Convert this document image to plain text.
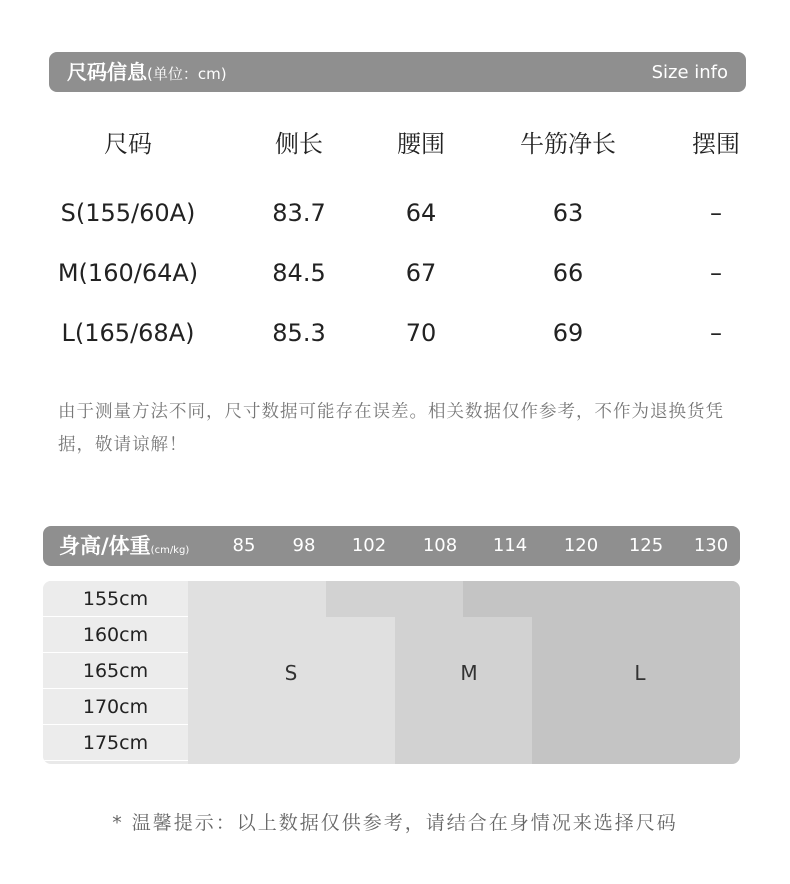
尺码信息(单位：cm)	Size info
尺码	侧长	腰围	牛筋净长	摆围
S(155/60A)	83.7	64	63	–
M(160/64A)	84.5	67	66	–
L(165/68A)	85.3	70	69	–
由于测量方法不同，尺寸数据可能存在误差。相关数据仅作参考，不作为退换货凭据，敬请谅解！
身高/体重(cm/kg) 85 98 102 108 114 120 125 130
155cm
160cm
165cm
170cm
175cm
S	M	L
* 温馨提示：以上数据仅供参考，请结合在身情况来选择尺码
